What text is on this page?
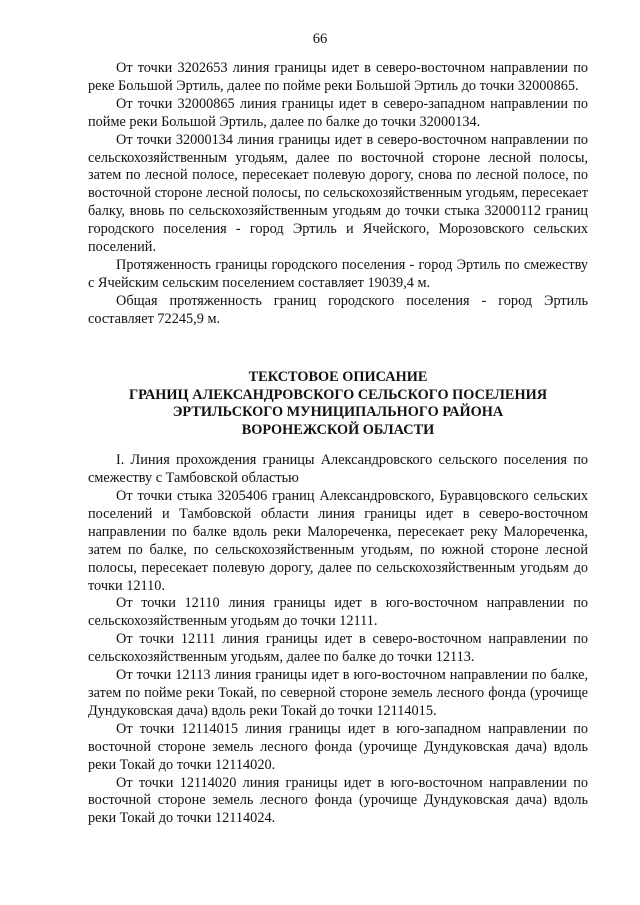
66

От точки 3202653 линия границы идет в северо-восточном направлении по реке Большой Эртиль, далее по пойме реки Большой Эртиль до точки 32000865.

От точки 32000865 линия границы идет в северо-западном направлении по пойме реки Большой Эртиль, далее по балке до точки 32000134.

От точки 32000134 линия границы идет в северо-восточном направлении по сельскохозяйственным угодьям, далее по восточной стороне лесной полосы, затем по лесной полосе, пересекает полевую дорогу, снова по лесной полосе, по восточной стороне лесной полосы, по сельскохозяйственным угодьям, пересекает балку, вновь по сельскохозяйственным угодьям до точки стыка 32000112 границ городского поселения - город Эртиль и Ячейского, Морозовского сельских поселений.

Протяженность границы городского поселения - город Эртиль по смежеству с Ячейским сельским поселением составляет 19039,4 м.

Общая протяженность границ городского поселения - город Эртиль составляет 72245,9 м.

ТЕКСТОВОЕ ОПИСАНИЕ
ГРАНИЦ АЛЕКСАНДРОВСКОГО СЕЛЬСКОГО ПОСЕЛЕНИЯ
ЭРТИЛЬСКОГО МУНИЦИПАЛЬНОГО РАЙОНА
ВОРОНЕЖСКОЙ ОБЛАСТИ

I. Линия прохождения границы Александровского сельского поселения по смежеству с Тамбовской областью

От точки стыка 3205406 границ Александровского, Буравцовского сельских поселений и Тамбовской области линия границы идет в северо-восточном направлении по балке вдоль реки Малореченка, пересекает реку Малореченка, затем по балке, по сельскохозяйственным угодьям, по южной стороне лесной полосы, пересекает полевую дорогу, далее по сельскохозяйственным угодьям до точки 12110.

От точки 12110 линия границы идет в юго-восточном направлении по сельскохозяйственным угодьям до точки 12111.

От точки 12111 линия границы идет в северо-восточном направлении по сельскохозяйственным угодьям, далее по балке до точки 12113.

От точки 12113 линия границы идет в юго-восточном направлении по балке, затем по пойме реки Токай, по северной стороне земель лесного фонда (урочище Дундуковская дача) вдоль реки Токай до точки 12114015.

От точки 12114015 линия границы идет в юго-западном направлении по восточной стороне земель лесного фонда (урочище Дундуковская дача) вдоль реки Токай до точки 12114020.

От точки 12114020 линия границы идет в юго-восточном направлении по восточной стороне земель лесного фонда (урочище Дундуковская дача) вдоль реки Токай до точки 12114024.
